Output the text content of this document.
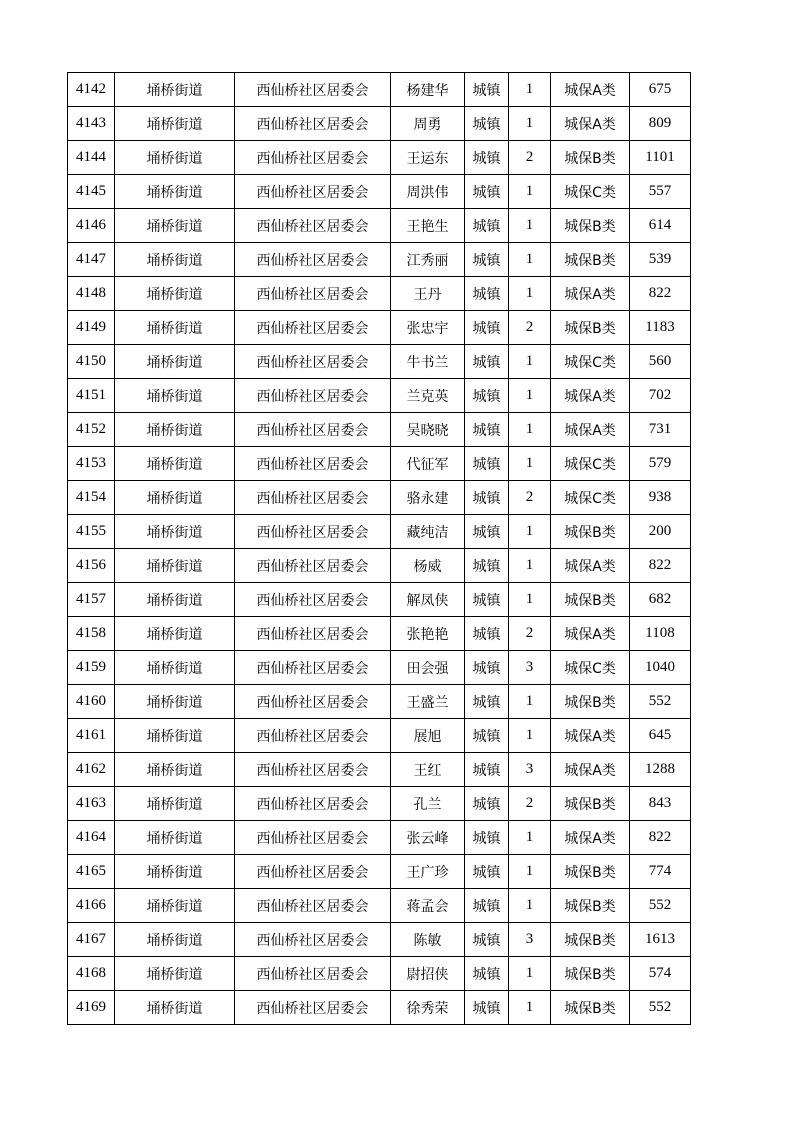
4142	埇桥街道	西仙桥社区居委会	杨建华	城镇	1	城保A类	675
4143	埇桥街道	西仙桥社区居委会	周勇	城镇	1	城保A类	809
4144	埇桥街道	西仙桥社区居委会	王运东	城镇	2	城保B类	1101
4145	埇桥街道	西仙桥社区居委会	周洪伟	城镇	1	城保C类	557
4146	埇桥街道	西仙桥社区居委会	王艳生	城镇	1	城保B类	614
4147	埇桥街道	西仙桥社区居委会	江秀丽	城镇	1	城保B类	539
4148	埇桥街道	西仙桥社区居委会	王丹	城镇	1	城保A类	822
4149	埇桥街道	西仙桥社区居委会	张忠宇	城镇	2	城保B类	1183
4150	埇桥街道	西仙桥社区居委会	牛书兰	城镇	1	城保C类	560
4151	埇桥街道	西仙桥社区居委会	兰克英	城镇	1	城保A类	702
4152	埇桥街道	西仙桥社区居委会	吴晓晓	城镇	1	城保A类	731
4153	埇桥街道	西仙桥社区居委会	代征军	城镇	1	城保C类	579
4154	埇桥街道	西仙桥社区居委会	骆永建	城镇	2	城保C类	938
4155	埇桥街道	西仙桥社区居委会	藏纯洁	城镇	1	城保B类	200
4156	埇桥街道	西仙桥社区居委会	杨威	城镇	1	城保A类	822
4157	埇桥街道	西仙桥社区居委会	解凤侠	城镇	1	城保B类	682
4158	埇桥街道	西仙桥社区居委会	张艳艳	城镇	2	城保A类	1108
4159	埇桥街道	西仙桥社区居委会	田会强	城镇	3	城保C类	1040
4160	埇桥街道	西仙桥社区居委会	王盛兰	城镇	1	城保B类	552
4161	埇桥街道	西仙桥社区居委会	展旭	城镇	1	城保A类	645
4162	埇桥街道	西仙桥社区居委会	王红	城镇	3	城保A类	1288
4163	埇桥街道	西仙桥社区居委会	孔兰	城镇	2	城保B类	843
4164	埇桥街道	西仙桥社区居委会	张云峰	城镇	1	城保A类	822
4165	埇桥街道	西仙桥社区居委会	王广珍	城镇	1	城保B类	774
4166	埇桥街道	西仙桥社区居委会	蒋孟会	城镇	1	城保B类	552
4167	埇桥街道	西仙桥社区居委会	陈敏	城镇	3	城保B类	1613
4168	埇桥街道	西仙桥社区居委会	尉招侠	城镇	1	城保B类	574
4169	埇桥街道	西仙桥社区居委会	徐秀荣	城镇	1	城保B类	552
